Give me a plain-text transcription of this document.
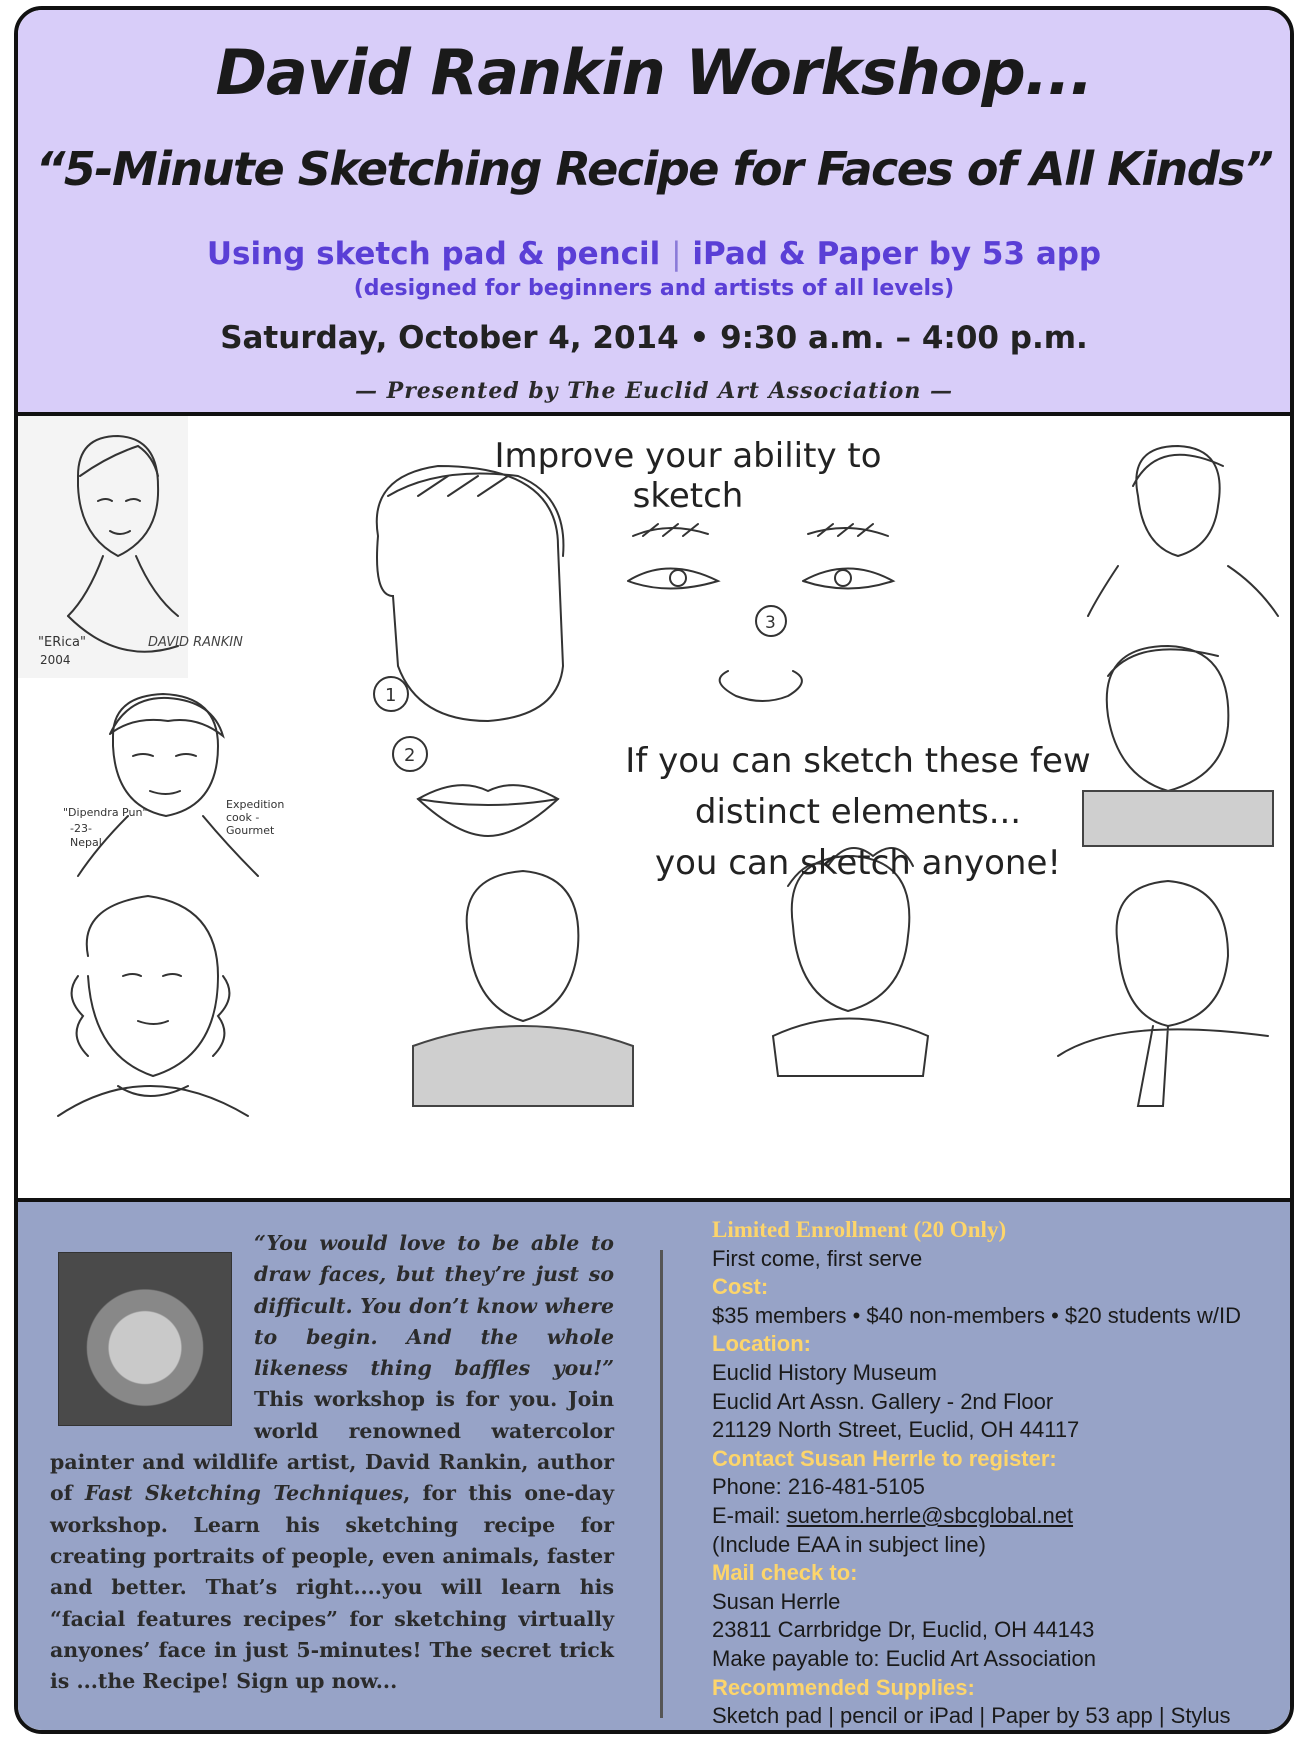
David Rankin Workshop...
“5-Minute Sketching Recipe for Faces of All Kinds”
Using sketch pad & pencil | iPad & Paper by 53 app
(designed for beginners and artists of all levels)
Saturday, October 4, 2014 • 9:30 a.m. – 4:00 p.m.
— Presented by The Euclid Art Association —
"ERica"
2004
DAVID RANKIN
"Dipendra Pun"
-23-
Nepal
Expedition
cook -
Gourmet
1
2
3
Improve your ability to sketch
If you can sketch these few
distinct elements...
you can sketch anyone!
“You would love to be able to draw faces, but they’re just so difficult. You don’t know where to begin. And the whole likeness thing baffles you!” This workshop is for you. Join world renowned watercolor painter and wildlife artist, David Rankin, author of Fast Sketching Techniques, for this one-day workshop. Learn his sketching recipe for creating portraits of people, even animals, faster and better. That’s right....you will learn his “facial features recipes” for sketching virtually anyones’ face in just 5-minutes! The secret trick is ...the Recipe! Sign up now...
Limited Enrollment (20 Only)
First come, first serve
Cost:
$35 members • $40 non-members • $20 students w/ID
Location:
Euclid History Museum
Euclid Art Assn. Gallery - 2nd Floor
21129 North Street, Euclid, OH 44117
Contact Susan Herrle to register:
Phone: 216-481-5105
E-mail: suetom.herrle@sbcglobal.net
(Include EAA in subject line)
Mail check to:
Susan Herrle
23811 Carrbridge Dr, Euclid, OH 44143
Make payable to: Euclid Art Association
Recommended Supplies:
Sketch pad | pencil or iPad | Paper by 53 app | Stylus
